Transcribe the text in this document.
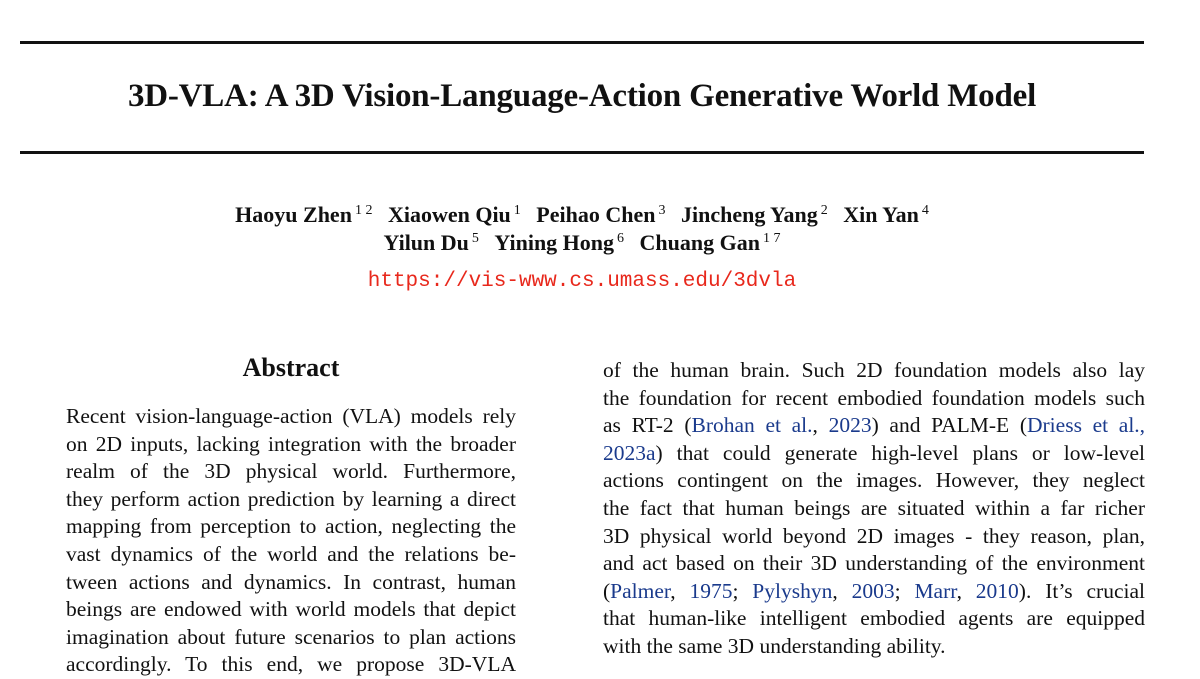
3D-VLA: A 3D Vision-Language-Action Generative World Model
Haoyu Zhen $^{1 2}$ Xiaowen Qiu $^1$ Peihao Chen $^3$ Jincheng Yang $^2$ Xin Yan $^4$
Yilun Du $^5$ Yining Hong $^6$ Chuang Gan $^{1 7}$
https://vis-www.cs.umass.edu/3dvla
Abstract
Recent vision-language-action (VLA) models rely
on 2D inputs, lacking integration with the broader
realm of the 3D physical world. Furthermore,
they perform action prediction by learning a direct
mapping from perception to action, neglecting the
vast dynamics of the world and the relations be-
tween actions and dynamics. In contrast, human
beings are endowed with world models that depict
imagination about future scenarios to plan actions
accordingly. To this end, we propose 3D-VLA
of the human brain. Such 2D foundation models also lay
the foundation for recent embodied foundation models such
as RT-2 (Brohan et al., 2023) and PALM-E (Driess et al.,
2023a) that could generate high-level plans or low-level
actions contingent on the images. However, they neglect
the fact that human beings are situated within a far richer
3D physical world beyond 2D images - they reason, plan,
and act based on their 3D understanding of the environment
(Palmer, 1975; Pylyshyn, 2003; Marr, 2010). It’s crucial
that human-like intelligent embodied agents are equipped
with the same 3D understanding ability.
